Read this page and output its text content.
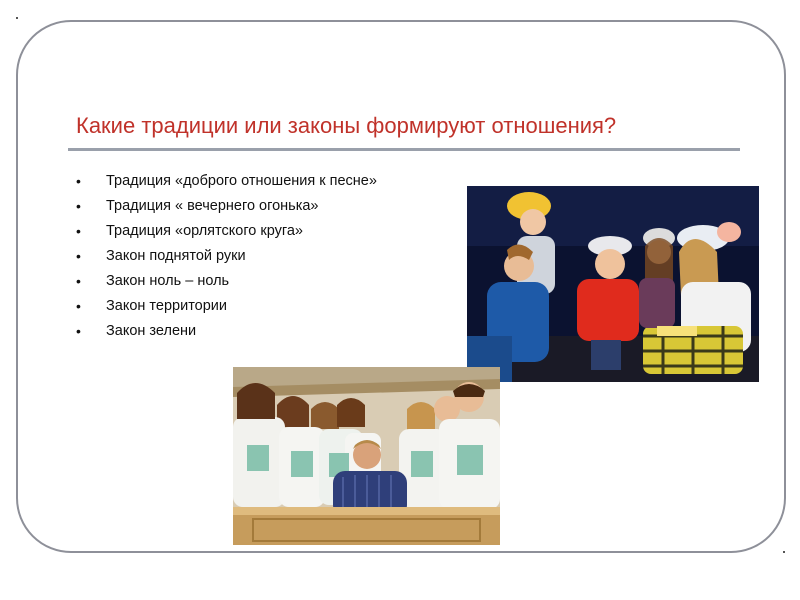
Какие традиции или законы формируют отношения?
• Традиция «доброго отношения к песне»
• Традиция « вечернего огонька»
• Традиция «орлятского круга»
• Закон поднятой руки
• Закон ноль – ноль
• Закон территории
• Закон зелени
